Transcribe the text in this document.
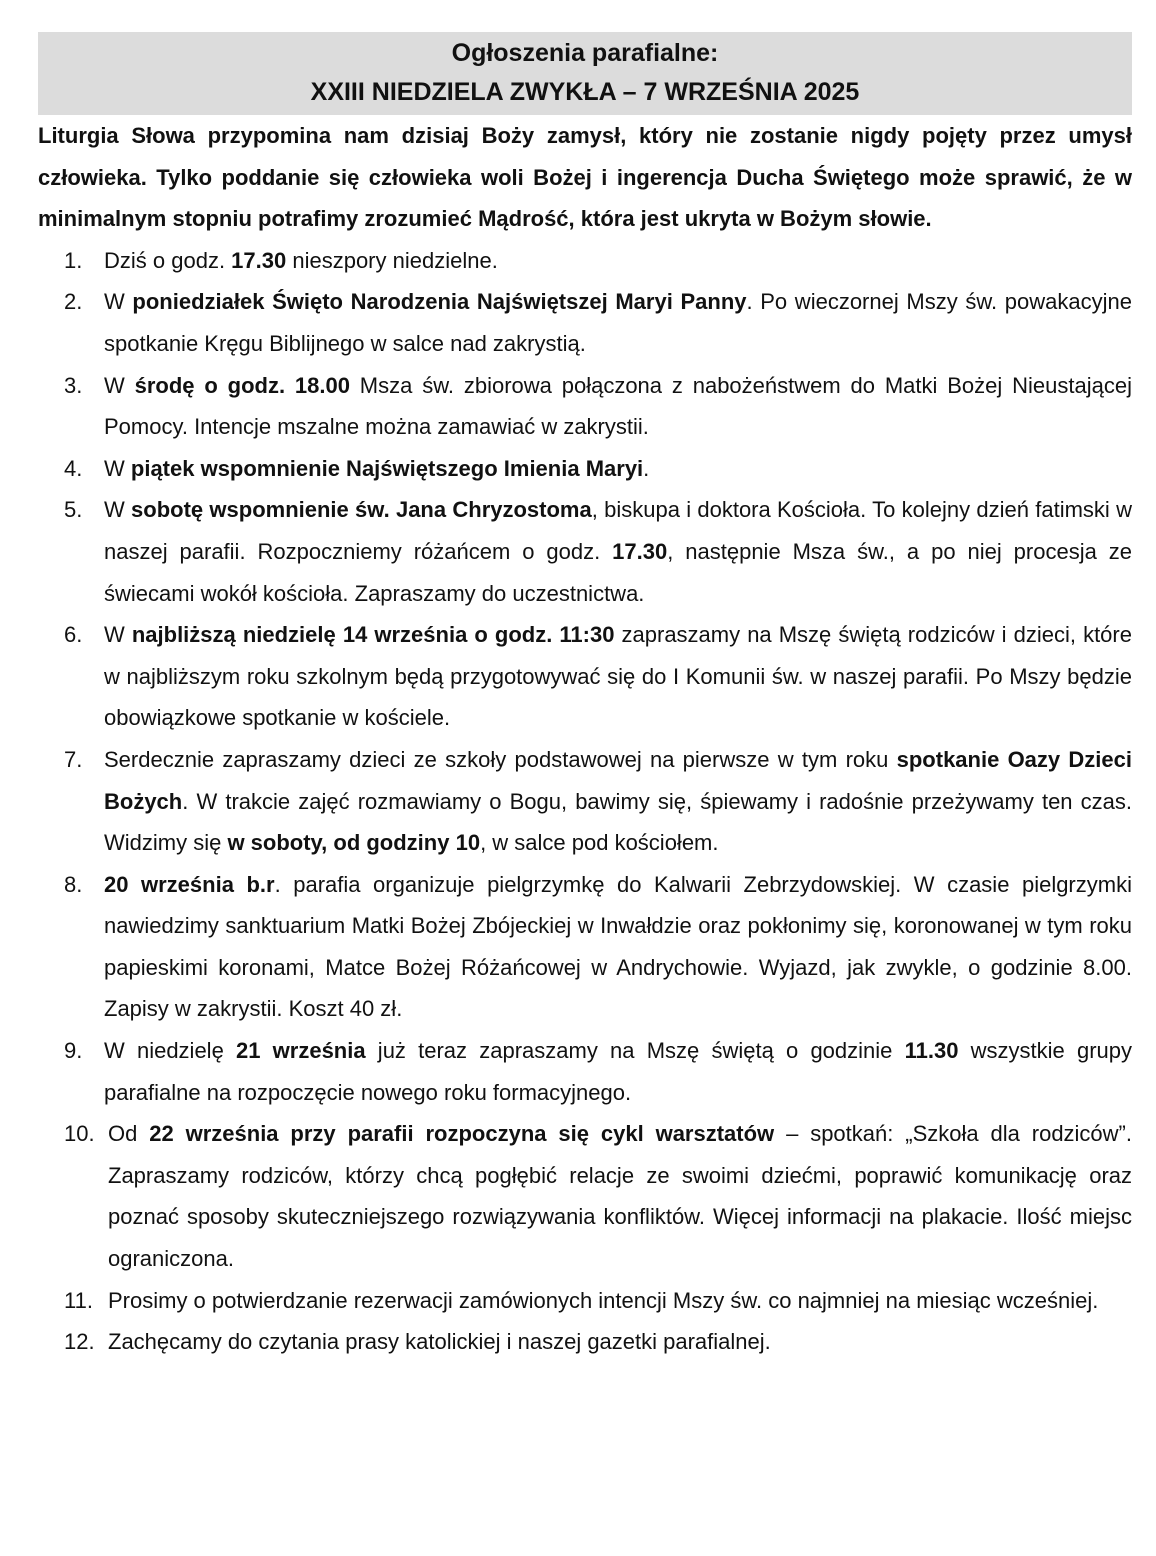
Ogłoszenia parafialne:
XXIII NIEDZIELA ZWYKŁA – 7 WRZEŚNIA 2025

Liturgia Słowa przypomina nam dzisiaj Boży zamysł, który nie zostanie nigdy pojęty przez umysł człowieka. Tylko poddanie się człowieka woli Bożej i ingerencja Ducha Świętego może sprawić, że w minimalnym stopniu potrafimy zrozumieć Mądrość, która jest ukryta w Bożym słowie.

1. Dziś o godz. 17.30 nieszpory niedzielne.
2. W poniedziałek Święto Narodzenia Najświętszej Maryi Panny. Po wieczornej Mszy św. powakacyjne spotkanie Kręgu Biblijnego w salce nad zakrystią.
3. W środę o godz. 18.00 Msza św. zbiorowa połączona z nabożeństwem do Matki Bożej Nieustającej Pomocy. Intencje mszalne można zamawiać w zakrystii.
4. W piątek wspomnienie Najświętszego Imienia Maryi.
5. W sobotę wspomnienie św. Jana Chryzostoma, biskupa i doktora Kościoła. To kolejny dzień fatimski w naszej parafii. Rozpoczniemy różańcem o godz. 17.30, następnie Msza św., a po niej procesja ze świecami wokół kościoła. Zapraszamy do uczestnictwa.
6. W najbliższą niedzielę 14 września o godz. 11:30 zapraszamy na Mszę świętą rodziców i dzieci, które w najbliższym roku szkolnym będą przygotowywać się do I Komunii św. w naszej parafii. Po Mszy będzie obowiązkowe spotkanie w kościele.
7. Serdecznie zapraszamy dzieci ze szkoły podstawowej na pierwsze w tym roku spotkanie Oazy Dzieci Bożych. W trakcie zajęć rozmawiamy o Bogu, bawimy się, śpiewamy i radośnie przeżywamy ten czas. Widzimy się w soboty, od godziny 10, w salce pod kościołem.
8. 20 września b.r. parafia organizuje pielgrzymkę do Kalwarii Zebrzydowskiej. W czasie pielgrzymki nawiedzimy sanktuarium Matki Bożej Zbójeckiej w Inwałdzie oraz pokłonimy się, koronowanej w tym roku papieskimi koronami, Matce Bożej Różańcowej w Andrychowie. Wyjazd, jak zwykle, o godzinie 8.00. Zapisy w zakrystii. Koszt 40 zł.
9. W niedzielę 21 września już teraz zapraszamy na Mszę świętą o godzinie 11.30 wszystkie grupy parafialne na rozpoczęcie nowego roku formacyjnego.
10. Od 22 września przy parafii rozpoczyna się cykl warsztatów – spotkań: „Szkoła dla rodziców”. Zapraszamy rodziców, którzy chcą pogłębić relacje ze swoimi dziećmi, poprawić komunikację oraz poznać sposoby skuteczniejszego rozwiązywania konfliktów. Więcej informacji na plakacie. Ilość miejsc ograniczona.
11. Prosimy o potwierdzanie rezerwacji zamówionych intencji Mszy św. co najmniej na miesiąc wcześniej.
12. Zachęcamy do czytania prasy katolickiej i naszej gazetki parafialnej.
